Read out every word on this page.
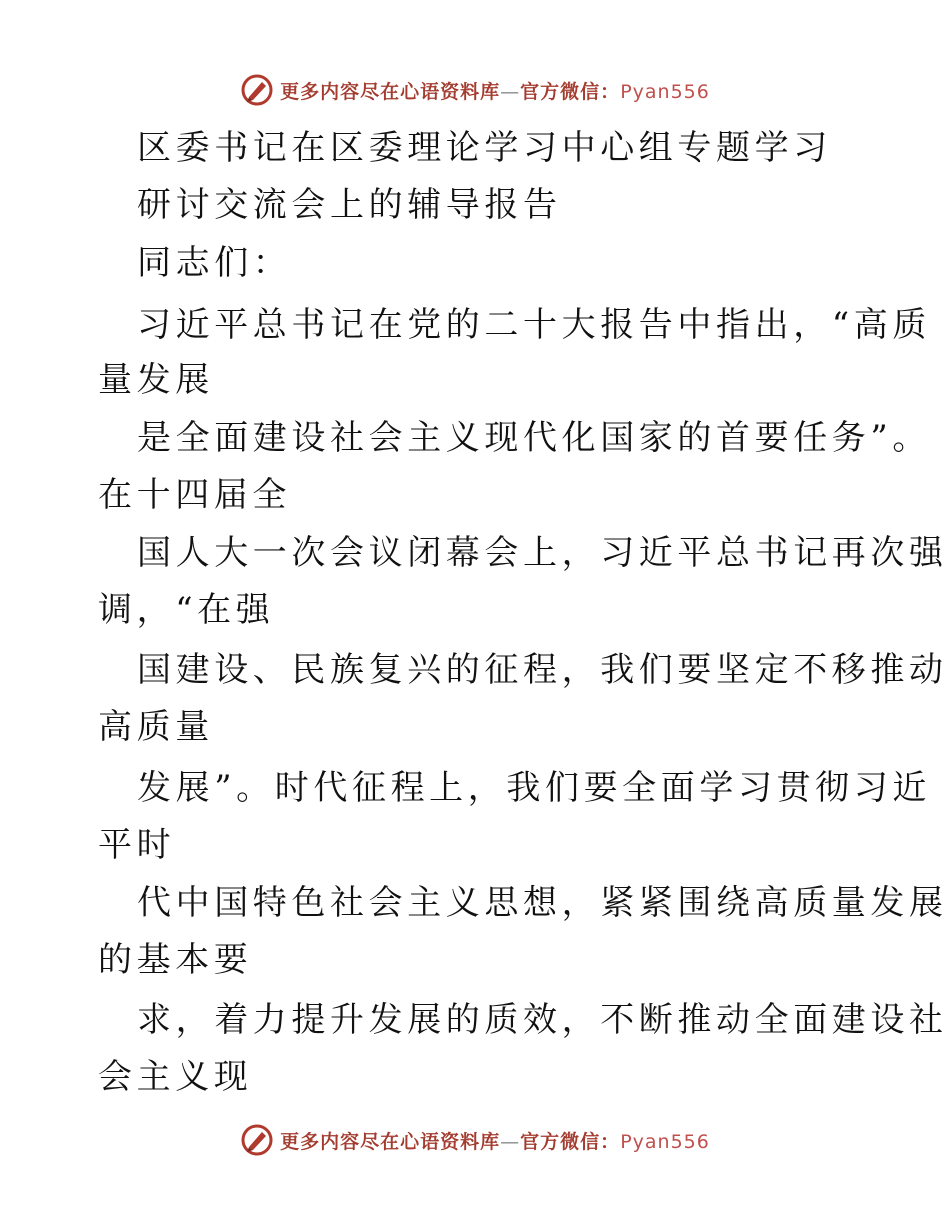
更多内容尽在心语资料库—官方微信：Pyan556
区委书记在区委理论学习中心组专题学习
研讨交流会上的辅导报告
同志们：
习近平总书记在党的二十大报告中指出，“高质
量发展
是全面建设社会主义现代化国家的首要任务”。
在十四届全
国人大一次会议闭幕会上，习近平总书记再次强
调，“在强
国建设、民族复兴的征程，我们要坚定不移推动
高质量
发展”。时代征程上，我们要全面学习贯彻习近
平时
代中国特色社会主义思想，紧紧围绕高质量发展
的基本要
求，着力提升发展的质效，不断推动全面建设社
会主义现
更多内容尽在心语资料库—官方微信：Pyan556
